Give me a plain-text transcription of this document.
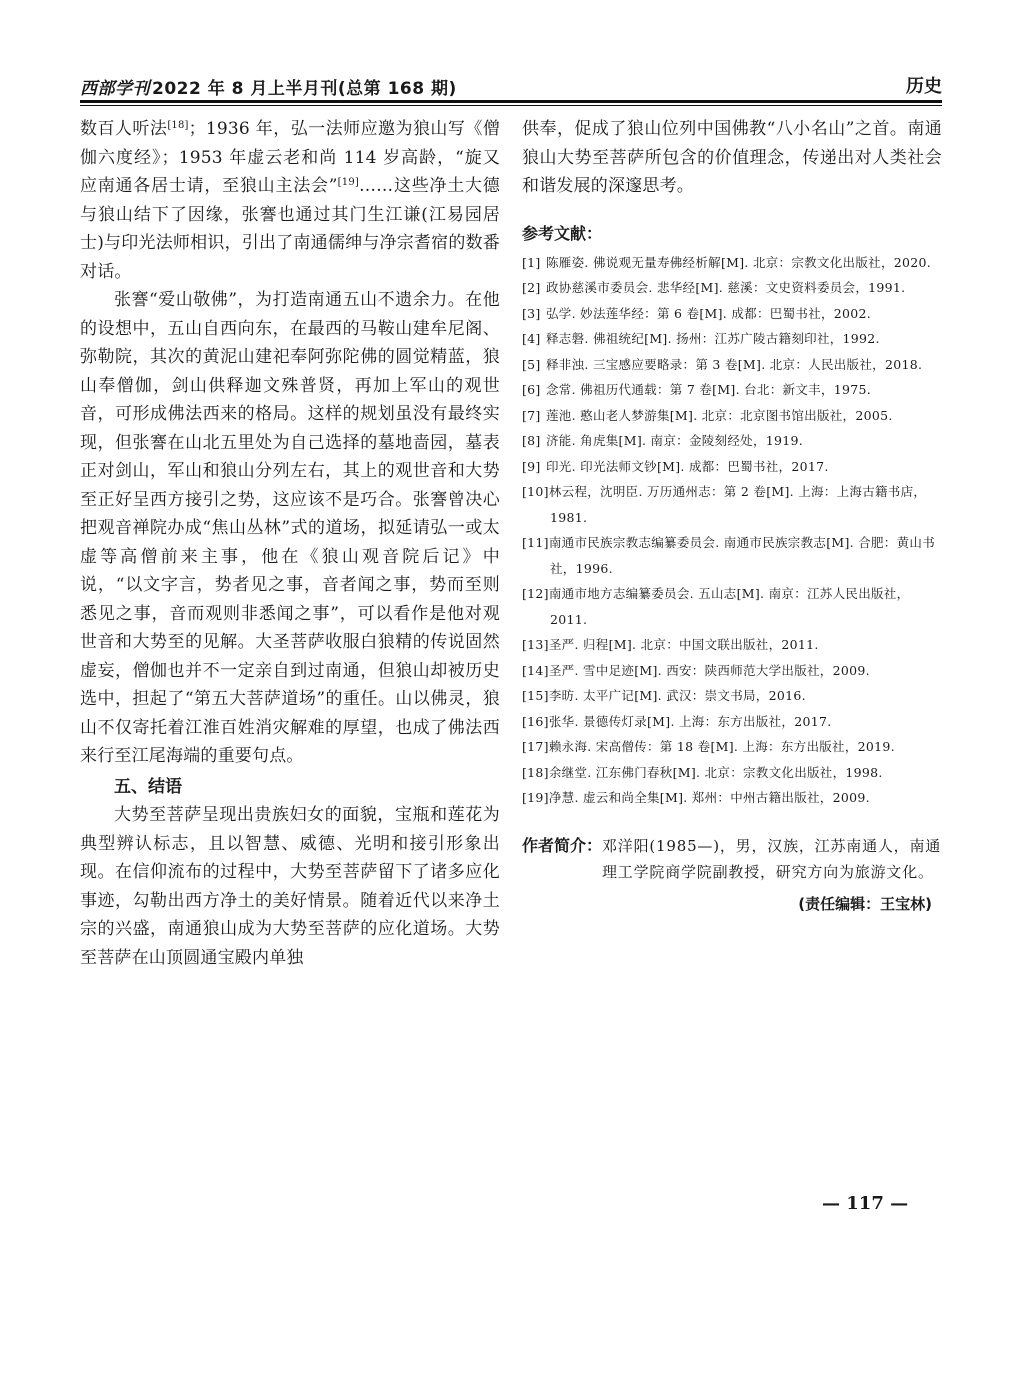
西部学刊 2022 年 8 月上半月刊(总第 168 期)	历史

数百人听法[18]；1936 年，弘一法师应邀为狼山写《僧伽六度经》；1953 年虚云老和尚 114 岁高龄，“旋又应南通各居士请，至狼山主法会”[19]……这些净土大德与狼山结下了因缘，张謇也通过其门生江谦(江易园居士)与印光法师相识，引出了南通儒绅与净宗耆宿的数番对话。

张謇“爱山敬佛”，为打造南通五山不遗余力。在他的设想中，五山自西向东，在最西的马鞍山建牟尼阁、弥勒院，其次的黄泥山建祀奉阿弥陀佛的圆觉精蓝，狼山奉僧伽，剑山供释迦文殊普贤，再加上军山的观世音，可形成佛法西来的格局。这样的规划虽没有最终实现，但张謇在山北五里处为自己选择的墓地啬园，墓表正对剑山，军山和狼山分列左右，其上的观世音和大势至正好呈西方接引之势，这应该不是巧合。张謇曾决心把观音禅院办成“焦山丛林”式的道场，拟延请弘一或太虚等高僧前来主事，他在《狼山观音院后记》中说，“以文字言，势者见之事，音者闻之事，势而至则悉见之事，音而观则非悉闻之事”，可以看作是他对观世音和大势至的见解。大圣菩萨收服白狼精的传说固然虚妄，僧伽也并不一定亲自到过南通，但狼山却被历史选中，担起了“第五大菩萨道场”的重任。山以佛灵，狼山不仅寄托着江淮百姓消灾解难的厚望，也成了佛法西来行至江尾海端的重要句点。

五、结语

大势至菩萨呈现出贵族妇女的面貌，宝瓶和莲花为典型辨认标志，且以智慧、威德、光明和接引形象出现。在信仰流布的过程中，大势至菩萨留下了诸多应化事迹，勾勒出西方净土的美好情景。随着近代以来净土宗的兴盛，南通狼山成为大势至菩萨的应化道场。大势至菩萨在山顶圆通宝殿内单独

供奉，促成了狼山位列中国佛教“八小名山”之首。南通狼山大势至菩萨所包含的价值理念，传递出对人类社会和谐发展的深邃思考。

参考文献：
[1] 陈雁姿. 佛说观无量寿佛经析解[M]. 北京：宗教文化出版社，2020.
[2] 政协慈溪市委员会. 悲华经[M]. 慈溪：文史资料委员会，1991.
[3] 弘学. 妙法莲华经：第 6 卷[M]. 成都：巴蜀书社，2002.
[4] 释志磐. 佛祖统纪[M]. 扬州：江苏广陵古籍刻印社，1992.
[5] 释非浊. 三宝感应要略录：第 3 卷[M]. 北京：人民出版社，2018.
[6] 念常. 佛祖历代通载：第 7 卷[M]. 台北：新文丰，1975.
[7] 莲池. 憨山老人梦游集[M]. 北京：北京图书馆出版社，2005.
[8] 济能. 角虎集[M]. 南京：金陵刻经处，1919.
[9] 印光. 印光法师文钞[M]. 成都：巴蜀书社，2017.
[10]林云程，沈明臣. 万历通州志：第 2 卷[M]. 上海：上海古籍书店，1981.
[11]南通市民族宗教志编纂委员会. 南通市民族宗教志[M]. 合肥：黄山书社，1996.
[12]南通市地方志编纂委员会. 五山志[M]. 南京：江苏人民出版社，2011.
[13]圣严. 归程[M]. 北京：中国文联出版社，2011.
[14]圣严. 雪中足迹[M]. 西安：陕西师范大学出版社，2009.
[15]李昉. 太平广记[M]. 武汉：崇文书局，2016.
[16]张华. 景德传灯录[M]. 上海：东方出版社，2017.
[17]赖永海. 宋高僧传：第 18 卷[M]. 上海：东方出版社，2019.
[18]余继堂. 江东佛门春秋[M]. 北京：宗教文化出版社，1998.
[19]净慧. 虚云和尚全集[M]. 郑州：中州古籍出版社，2009.
作者简介： 邓洋阳(1985—)，男，汉族，江苏南通人，南通理工学院商学院副教授，研究方向为旅游文化。
(责任编辑：王宝林)
— 117 —
